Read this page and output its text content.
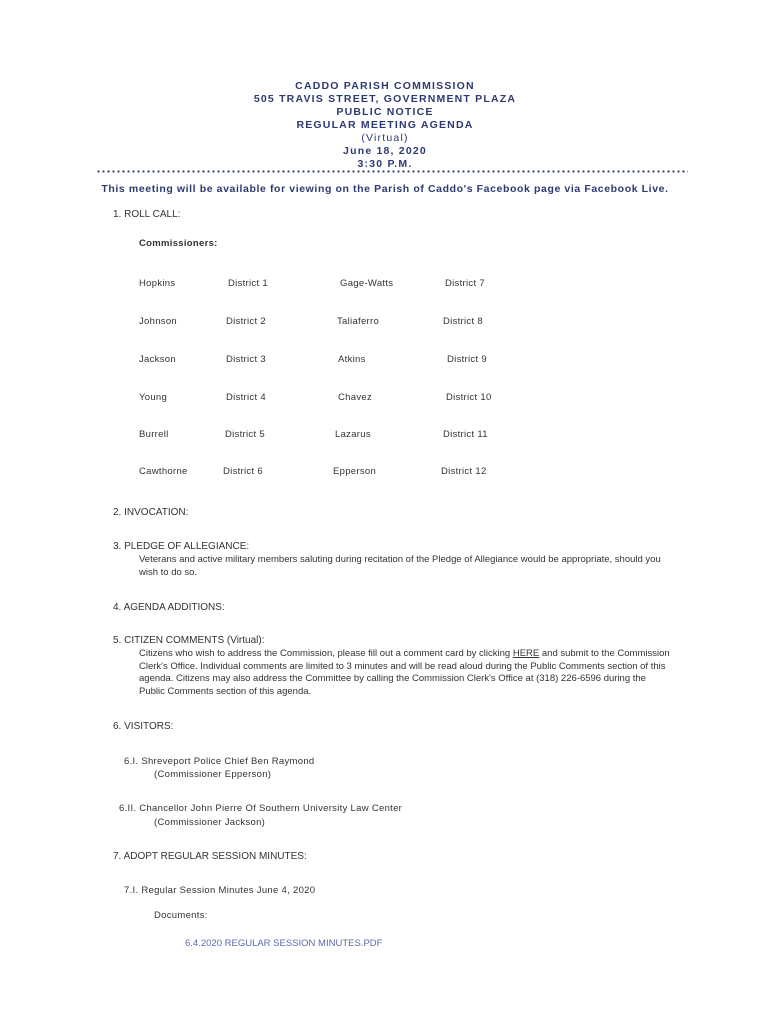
CADDO PARISH COMMISSION
505 TRAVIS STREET, GOVERNMENT PLAZA
PUBLIC NOTICE
REGULAR MEETING AGENDA
(Virtual)
June 18, 2020
3:30 P.M.
This meeting will be available for viewing on the Parish of Caddo's Facebook page via Facebook Live.
1. ROLL CALL:
Commissioners:
Hopkins	District 1	Gage-Watts	District 7
Johnson	District 2	Taliaferro	District 8
Jackson	District 3	Atkins	District 9
Young	District 4	Chavez	District 10
Burrell	District 5	Lazarus	District 11
Cawthorne	District 6	Epperson	District 12
2. INVOCATION:
3. PLEDGE OF ALLEGIANCE:
Veterans and active military members saluting during recitation of the Pledge of Allegiance would be appropriate, should you wish to do so.
4. AGENDA ADDITIONS:
5. CITIZEN COMMENTS (Virtual):
Citizens who wish to address the Commission, please fill out a comment card by clicking HERE and submit to the Commission Clerk's Office. Individual comments are limited to 3 minutes and will be read aloud during the Public Comments section of this agenda. Citizens may also address the Committee by calling the Commission Clerk's Office at (318) 226-6596 during the Public Comments section of this agenda.
6. VISITORS:
6.I. Shreveport Police Chief Ben Raymond
(Commissioner Epperson)
6.II. Chancellor John Pierre Of Southern University Law Center
(Commissioner Jackson)
7. ADOPT REGULAR SESSION MINUTES:
7.I. Regular Session Minutes June 4, 2020
Documents:
6.4.2020 REGULAR SESSION MINUTES.PDF
